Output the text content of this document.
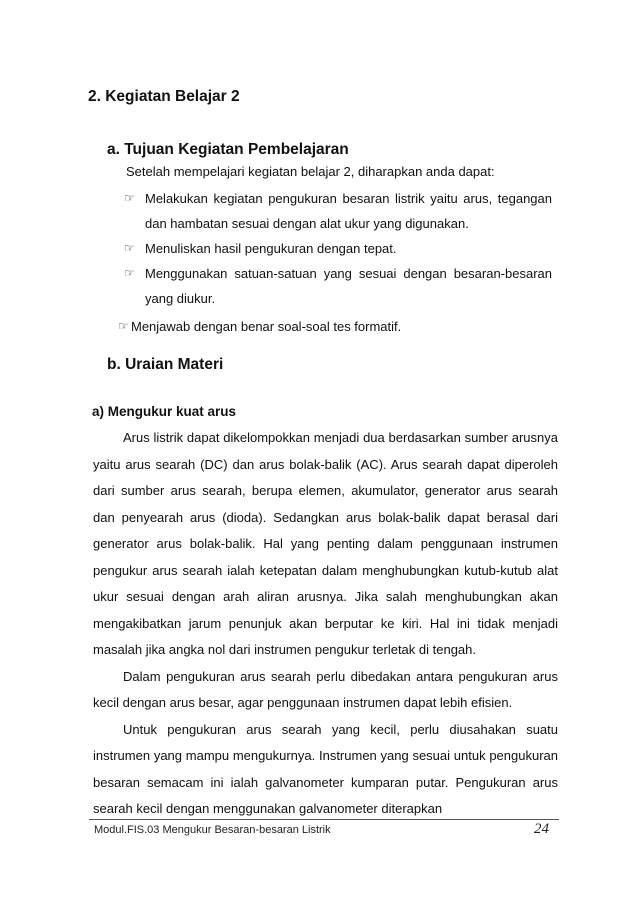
2. Kegiatan Belajar 2
a. Tujuan Kegiatan Pembelajaran

Setelah mempelajari kegiatan belajar 2, diharapkan anda dapat:

☞ Melakukan kegiatan pengukuran besaran listrik yaitu arus, tegangan dan hambatan sesuai dengan alat ukur yang digunakan.
☞ Menuliskan hasil pengukuran dengan tepat.
☞ Menggunakan satuan-satuan yang sesuai dengan besaran-besaran yang diukur.
☞ Menjawab dengan benar soal-soal tes formatif.
b. Uraian Materi
a) Mengukur kuat arus

Arus listrik dapat dikelompokkan menjadi dua berdasarkan sumber arusnya yaitu arus searah (DC) dan arus bolak-balik (AC). Arus searah dapat diperoleh dari sumber arus searah, berupa elemen, akumulator, generator arus searah dan penyearah arus (dioda). Sedangkan arus bolak-balik dapat berasal dari generator arus bolak-balik. Hal yang penting dalam penggunaan instrumen pengukur arus searah ialah ketepatan dalam menghubungkan kutub-kutub alat ukur sesuai dengan arah aliran arusnya. Jika salah menghubungkan akan mengakibatkan jarum penunjuk akan berputar ke kiri. Hal ini tidak menjadi masalah jika angka nol dari instrumen pengukur terletak di tengah.

Dalam pengukuran arus searah perlu dibedakan antara pengukuran arus kecil dengan arus besar, agar penggunaan instrumen dapat lebih efisien.

Untuk pengukuran arus searah yang kecil, perlu diusahakan suatu instrumen yang mampu mengukurnya. Instrumen yang sesuai untuk pengukuran besaran semacam ini ialah galvanometer kumparan putar. Pengukuran arus searah kecil dengan menggunakan galvanometer diterapkan

Modul.FIS.03 Mengukur Besaran-besaran Listrik	24
